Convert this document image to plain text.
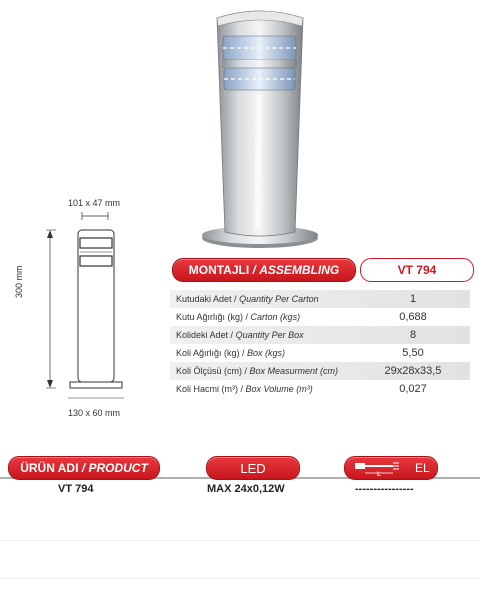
101 x 47 mm
300 mm
130 x 60 mm
MONTAJLI / ASSEMBLING	VT 794
Kutudaki Adet / Quantity Per Carton	1
Kutu Ağırlığı (kg) / Carton (kgs)	0,688
Kolideki Adet / Quantity Per Box	8
Koli Ağırlığı (kg) / Box (kgs)	5,50
Koli Ölçüsü (cm) / Box Measurment (cm)	29x28x33,5
Koli Hacmi (m³) / Box Volume (m³)	0,027
ÜRÜN ADI / PRODUCT	LED	L	EL
VT 794	MAX 24x0,12W	----------------
